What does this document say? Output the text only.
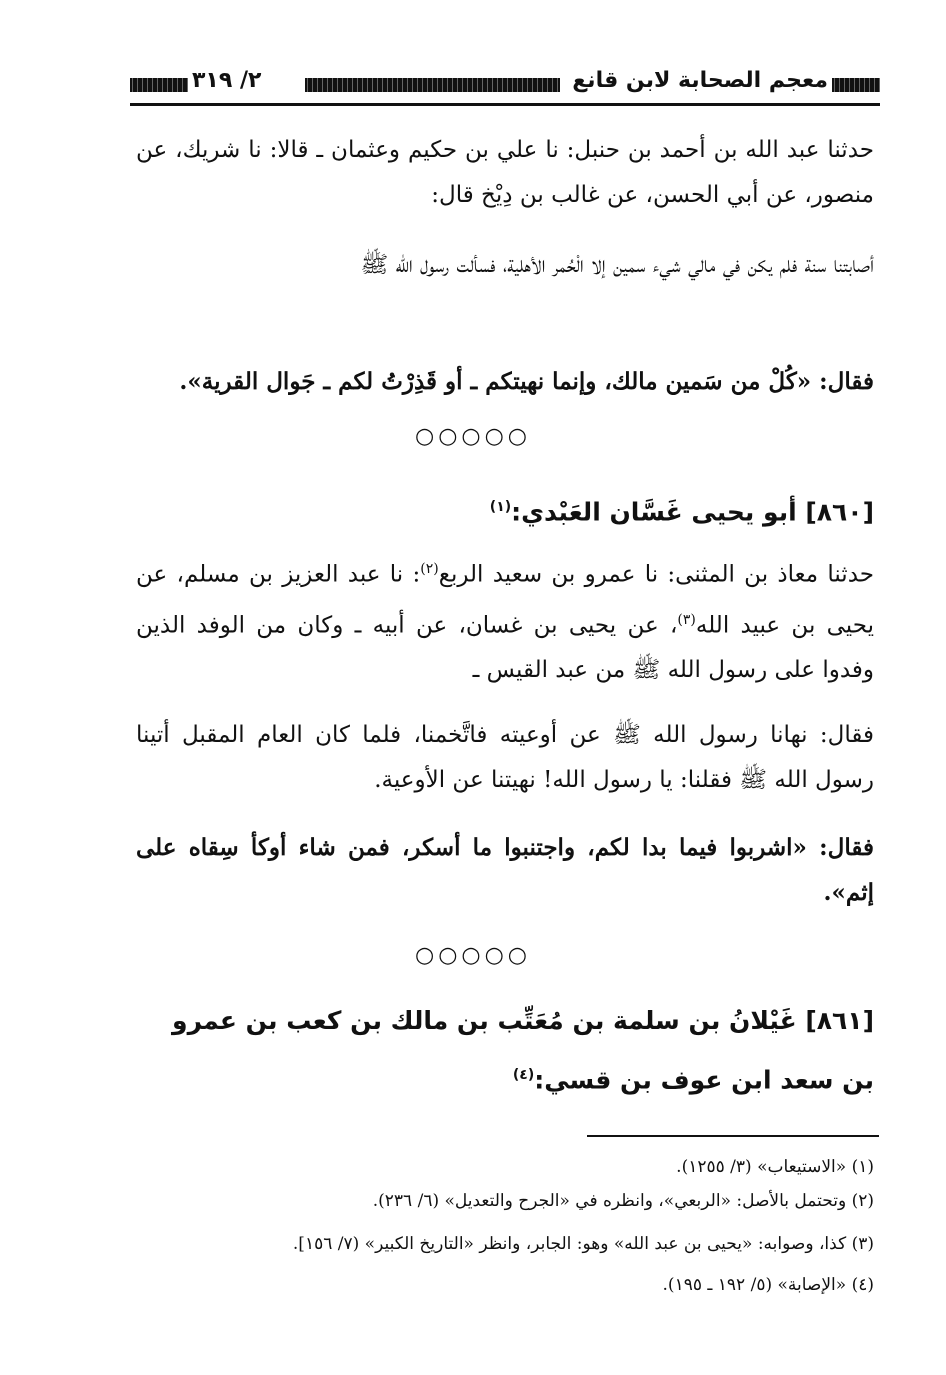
معجم الصحابة لابن قانع
٢/ ٣١٩
حدثنا عبد الله بن أحمد بن حنبل: نا علي بن حكيم وعثمان ـ قالا: نا شريك، عن منصور، عن أبي الحسن، عن غالب بن دِيْخ قال:
أصابتنا سنة فلم يكن في مالي شيء سمين إلا الْحُمر الأهلية، فسألت رسول الله ﷺ
فقال: «كُلْ من سَمين مالك، وإنما نهيتكم ـ أو قَذِرْتُ لكم ـ جَوال القرية».
○○○○○
[٨٦٠] أبو يحيى غَسَّان العَبْدي:$^{(١)}$
حدثنا معاذ بن المثنى: نا عمرو بن سعيد الربع$^{(٢)}$: نا عبد العزيز بن مسلم، عن يحيى بن عبيد الله$^{(٣)}$، عن يحيى بن غسان، عن أبيه ـ وكان من الوفد الذين وفدوا على رسول الله ﷺ من عبد القيس ـ
فقال: نهانا رسول الله ﷺ عن أوعيته فاتَّخمنا، فلما كان العام المقبل أتينا رسول الله ﷺ فقلنا: يا رسول الله! نهيتنا عن الأوعية.
فقال: «اشربوا فيما بدا لكم، واجتنبوا ما أسكر، فمن شاء أوكأ سِقاه على إثم».
○○○○○
[٨٦١] غَيْلانُ بن سلمة بن مُعَتِّب بن مالك بن كعب بن عمرو بن سعد ابن عوف بن قسي:$^{(٤)}$
(١) «الاستيعاب» (٣/ ١٢٥٥).
(٢) وتحتمل بالأصل: «الربعي»، وانظره في «الجرح والتعديل» (٦/ ٢٣٦).
(٣) كذا، وصوابه: «يحيى بن عبد الله» وهو: الجابر، وانظر «التاريخ الكبير» (٧/ ١٥٦].
(٤) «الإصابة» (٥/ ١٩٢ ـ ١٩٥).
